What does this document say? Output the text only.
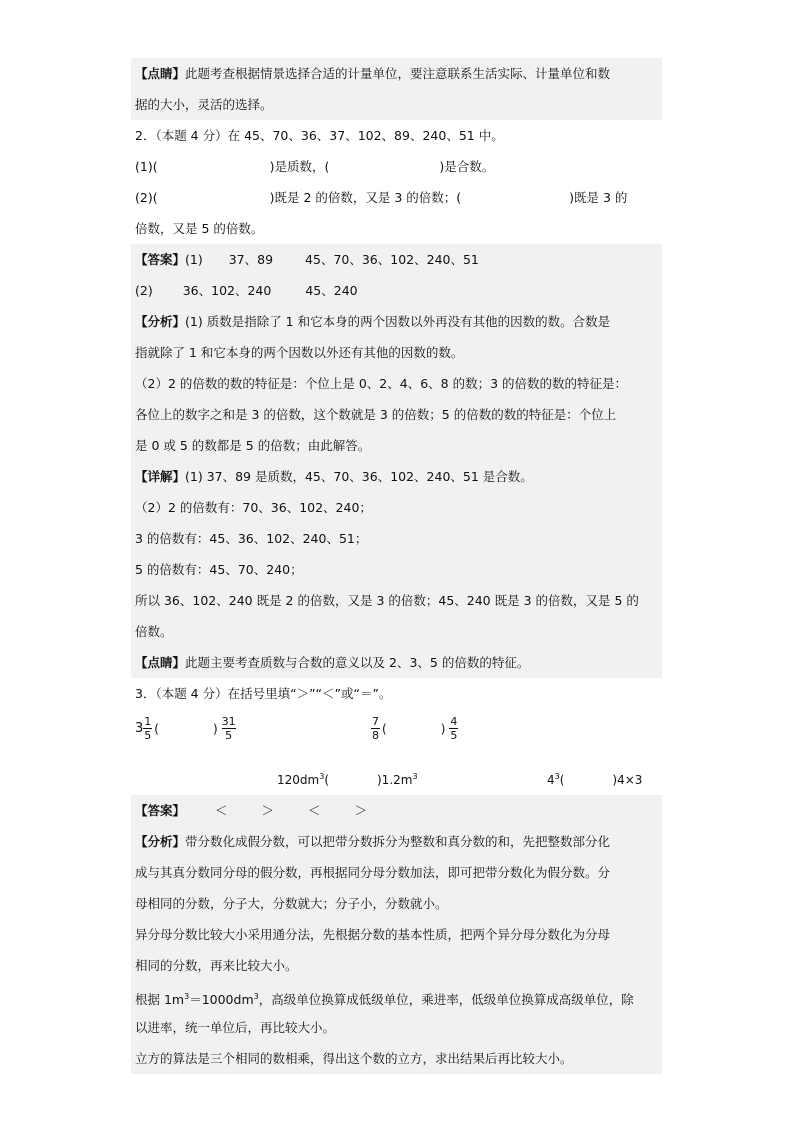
【点睛】此题考查根据情景选择合适的计量单位，要注意联系生活实际、计量单位和数
据的大小，灵活的选择。
2．（本题 4 分）在 45、70、36、37、102、89、240、51 中。
(1)(	)是质数，(	)是合数。
(2)(	)既是 2 的倍数，又是 3 的倍数；(	)既是 3 的
倍数，又是 5 的倍数。
【答案】(1) 37、89	45、70、36、102、240、51
(2) 36、102、240	45、240
【分析】(1) 质数是指除了 1 和它本身的两个因数以外再没有其他的因数的数。合数是
指就除了 1 和它本身的两个因数以外还有其他的因数的数。
（2）2 的倍数的数的特征是：个位上是 0、2、4、6、8 的数；3 的倍数的数的特征是：
各位上的数字之和是 3 的倍数，这个数就是 3 的倍数；5 的倍数的数的特征是：个位上
是 0 或 5 的数都是 5 的倍数；由此解答。
【详解】(1) 37、89 是质数，45、70、36、102、240、51 是合数。
（2）2 的倍数有：70、36、102、240；
3 的倍数有：45、36、102、240、51；
5 的倍数有：45、70、240；
所以 36、102、240 既是 2 的倍数，又是 3 的倍数；45、240 既是 3 的倍数，又是 5 的
倍数。
【点睛】此题主要考查质数与合数的意义以及 2、3、5 的倍数的特征。
3．（本题 4 分）在括号里填“＞”“＜”或“＝”。
$3 \frac{1}{5}$ (	) $\frac{31}{5}$	$\frac{7}{8}$ (	) $\frac{4}{5}$
$120dm^3$(	)$1.2m^3$	$4^3$(	)4×3
【答案】 ＜	＞	＜	＞
【分析】带分数化成假分数，可以把带分数拆分为整数和真分数的和，先把整数部分化
成与其真分数同分母的假分数，再根据同分母分数加法，即可把带分数化为假分数。分
母相同的分数，分子大，分数就大；分子小，分数就小。
异分母分数比较大小采用通分法，先根据分数的基本性质，把两个异分母分数化为分母
相同的分数，再来比较大小。
根据 $1m^3=1000dm^3$，高级单位换算成低级单位，乘进率，低级单位换算成高级单位，除
以进率，统一单位后，再比较大小。
立方的算法是三个相同的数相乘，得出这个数的立方，求出结果后再比较大小。
